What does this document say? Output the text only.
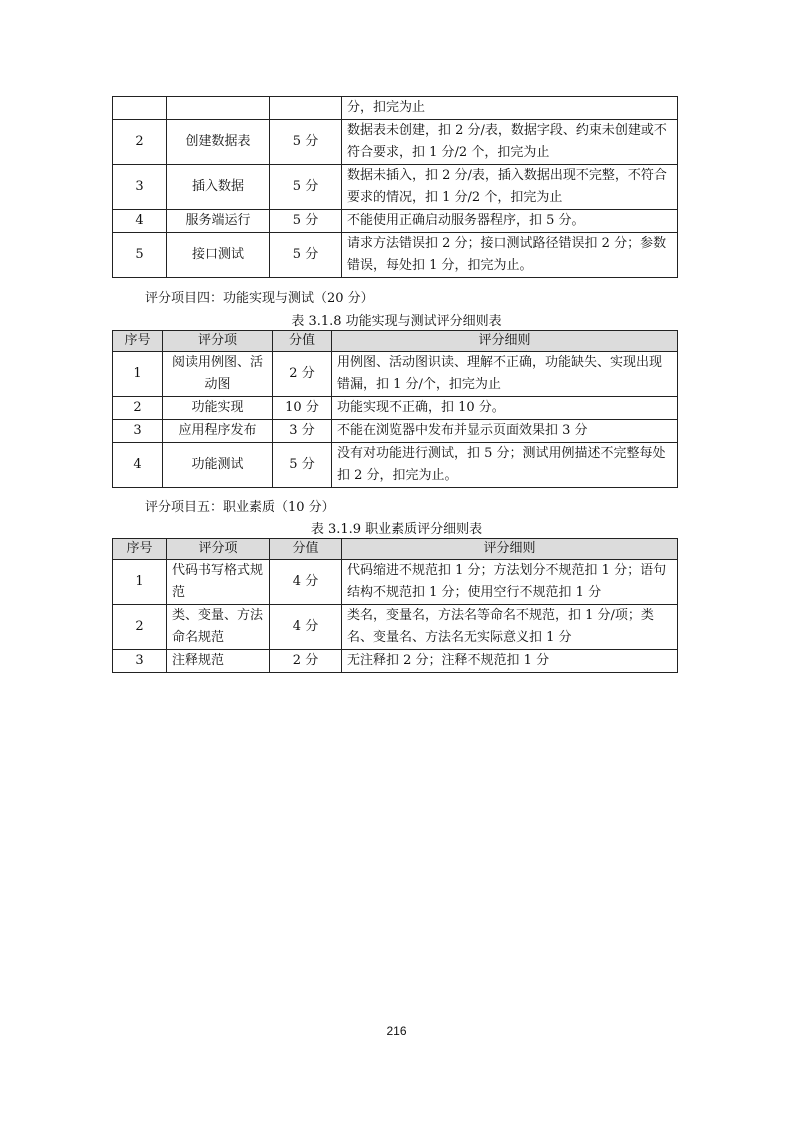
			分，扣完为止
2	创建数据表	5 分	数据表未创建，扣 2 分/表，数据字段、约束未创建或不符合要求，扣 1 分/2 个，扣完为止
3	插入数据	5 分	数据未插入，扣 2 分/表，插入数据出现不完整，不符合要求的情况，扣 1 分/2 个，扣完为止
4	服务端运行	5 分	不能使用正确启动服务器程序，扣 5 分。
5	接口测试	5 分	请求方法错误扣 2 分；接口测试路径错误扣 2 分；参数错误，每处扣 1 分，扣完为止。
评分项目四：功能实现与测试（20 分）
表 3.1.8 功能实现与测试评分细则表
序号	评分项	分值	评分细则
1	阅读用例图、活动图	2 分	用例图、活动图识读、理解不正确，功能缺失、实现出现错漏，扣 1 分/个，扣完为止
2	功能实现	10 分	功能实现不正确，扣 10 分。
3	应用程序发布	3 分	不能在浏览器中发布并显示页面效果扣 3 分
4	功能测试	5 分	没有对功能进行测试，扣 5 分；测试用例描述不完整每处扣 2 分，扣完为止。
评分项目五：职业素质（10 分）
表 3.1.9 职业素质评分细则表
序号	评分项	分值	评分细则
1	代码书写格式规范	4 分	代码缩进不规范扣 1 分；方法划分不规范扣 1 分；语句结构不规范扣 1 分；使用空行不规范扣 1 分
2	类、变量、方法命名规范	4 分	类名，变量名，方法名等命名不规范，扣 1 分/项；类名、变量名、方法名无实际意义扣 1 分
3	注释规范	2 分	无注释扣 2 分；注释不规范扣 1 分
216
